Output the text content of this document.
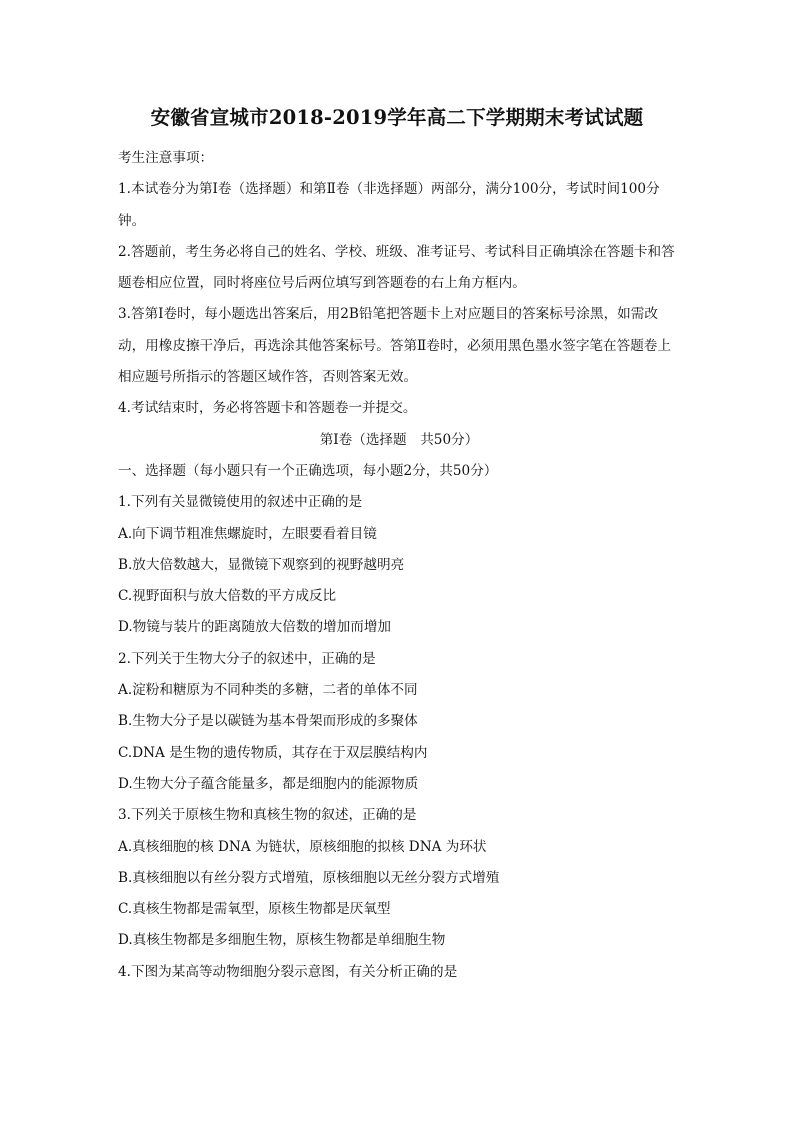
安徽省宣城市2018-2019学年高二下学期期末考试试题

考生注意事项：

1.本试卷分为第Ⅰ卷（选择题）和第Ⅱ卷（非选择题）两部分，满分100分，考试时间100分钟。

2.答题前，考生务必将自己的姓名、学校、班级、准考证号、考试科目正确填涂在答题卡和答题卷相应位置，同时将座位号后两位填写到答题卷的右上角方框内。

3.答第Ⅰ卷时，每小题选出答案后，用2B铅笔把答题卡上对应题目的答案标号涂黑，如需改动，用橡皮擦干净后，再选涂其他答案标号。答第Ⅱ卷时，必须用黑色墨水签字笔在答题卷上相应题号所指示的答题区域作答，否则答案无效。

4.考试结束时，务必将答题卡和答题卷一并提交。

第Ⅰ卷（选择题　共50分）

一、选择题（每小题只有一个正确选项，每小题2分，共50分）

1.下列有关显微镜使用的叙述中正确的是

A.向下调节粗准焦螺旋时，左眼要看着目镜

B.放大倍数越大，显微镜下观察到的视野越明亮

C.视野面积与放大倍数的平方成反比

D.物镜与装片的距离随放大倍数的增加而增加

2.下列关于生物大分子的叙述中，正确的是

A.淀粉和糖原为不同种类的多糖，二者的单体不同

B.生物大分子是以碳链为基本骨架而形成的多聚体

C.DNA 是生物的遗传物质，其存在于双层膜结构内

D.生物大分子蕴含能量多，都是细胞内的能源物质

3.下列关于原核生物和真核生物的叙述，正确的是

A.真核细胞的核 DNA 为链状，原核细胞的拟核 DNA 为环状

B.真核细胞以有丝分裂方式增殖，原核细胞以无丝分裂方式增殖

C.真核生物都是需氧型，原核生物都是厌氧型

D.真核生物都是多细胞生物，原核生物都是单细胞生物

4.下图为某高等动物细胞分裂示意图，有关分析正确的是
